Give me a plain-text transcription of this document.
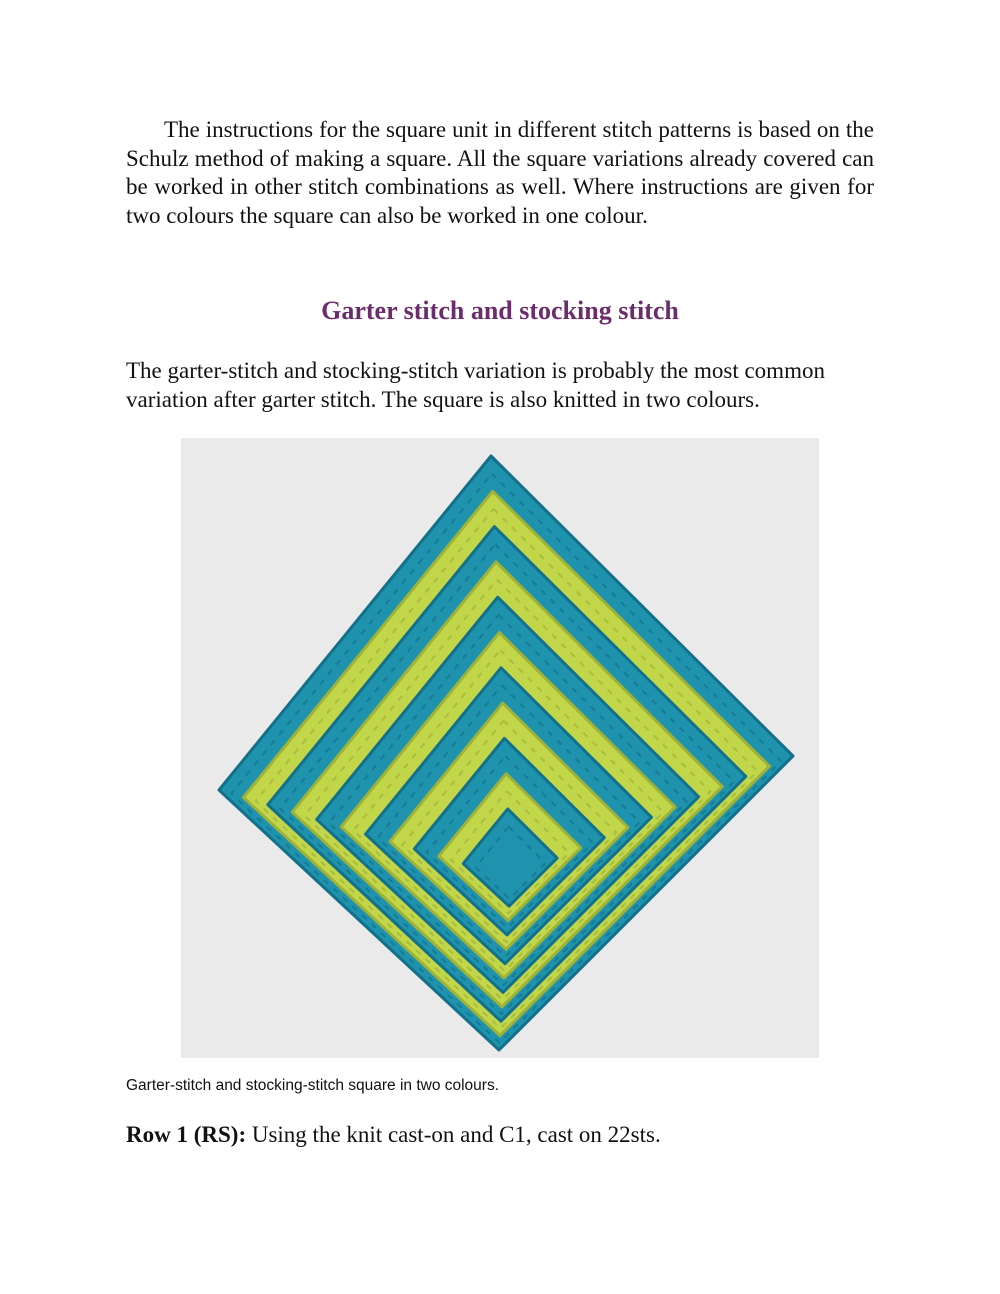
The instructions for the square unit in different stitch patterns is based on the Schulz method of making a square. All the square variations already covered can be worked in other stitch combinations as well. Where instructions are given for two colours the square can also be worked in one colour.

Garter stitch and stocking stitch

The garter-stitch and stocking-stitch variation is probably the most common variation after garter stitch. The square is also knitted in two colours.

Garter-stitch and stocking-stitch square in two colours.

Row 1 (RS): Using the knit cast-on and C1, cast on 22sts.
